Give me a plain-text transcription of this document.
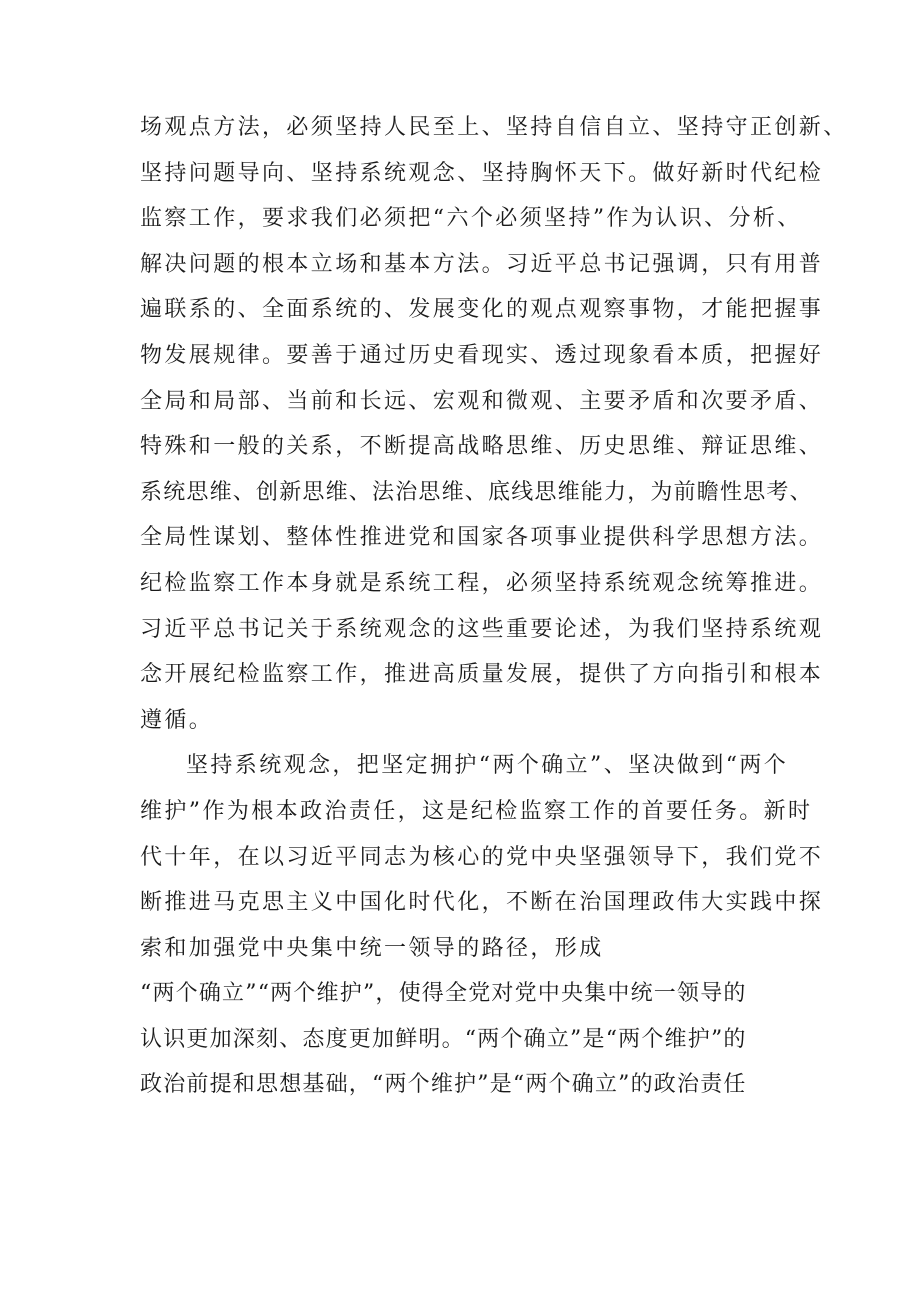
场观点方法，必须坚持人民至上、坚持自信自立、坚持守正创新、
坚持问题导向、坚持系统观念、坚持胸怀天下。做好新时代纪检
监察工作，要求我们必须把“六个必须坚持”作为认识、分析、
解决问题的根本立场和基本方法。习近平总书记强调，只有用普
遍联系的、全面系统的、发展变化的观点观察事物，才能把握事
物发展规律。要善于通过历史看现实、透过现象看本质，把握好
全局和局部、当前和长远、宏观和微观、主要矛盾和次要矛盾、
特殊和一般的关系，不断提高战略思维、历史思维、辩证思维、
系统思维、创新思维、法治思维、底线思维能力，为前瞻性思考、
全局性谋划、整体性推进党和国家各项事业提供科学思想方法。
纪检监察工作本身就是系统工程，必须坚持系统观念统筹推进。
习近平总书记关于系统观念的这些重要论述，为我们坚持系统观
念开展纪检监察工作，推进高质量发展，提供了方向指引和根本
遵循。
坚持系统观念，把坚定拥护“两个确立”、坚决做到“两个
维护”作为根本政治责任，这是纪检监察工作的首要任务。新时
代十年，在以习近平同志为核心的党中央坚强领导下，我们党不
断推进马克思主义中国化时代化，不断在治国理政伟大实践中探
索和加强党中央集中统一领导的路径，形成
“两个确立”“两个维护”，使得全党对党中央集中统一领导的
认识更加深刻、态度更加鲜明。“两个确立”是“两个维护”的
政治前提和思想基础，“两个维护”是“两个确立”的政治责任
